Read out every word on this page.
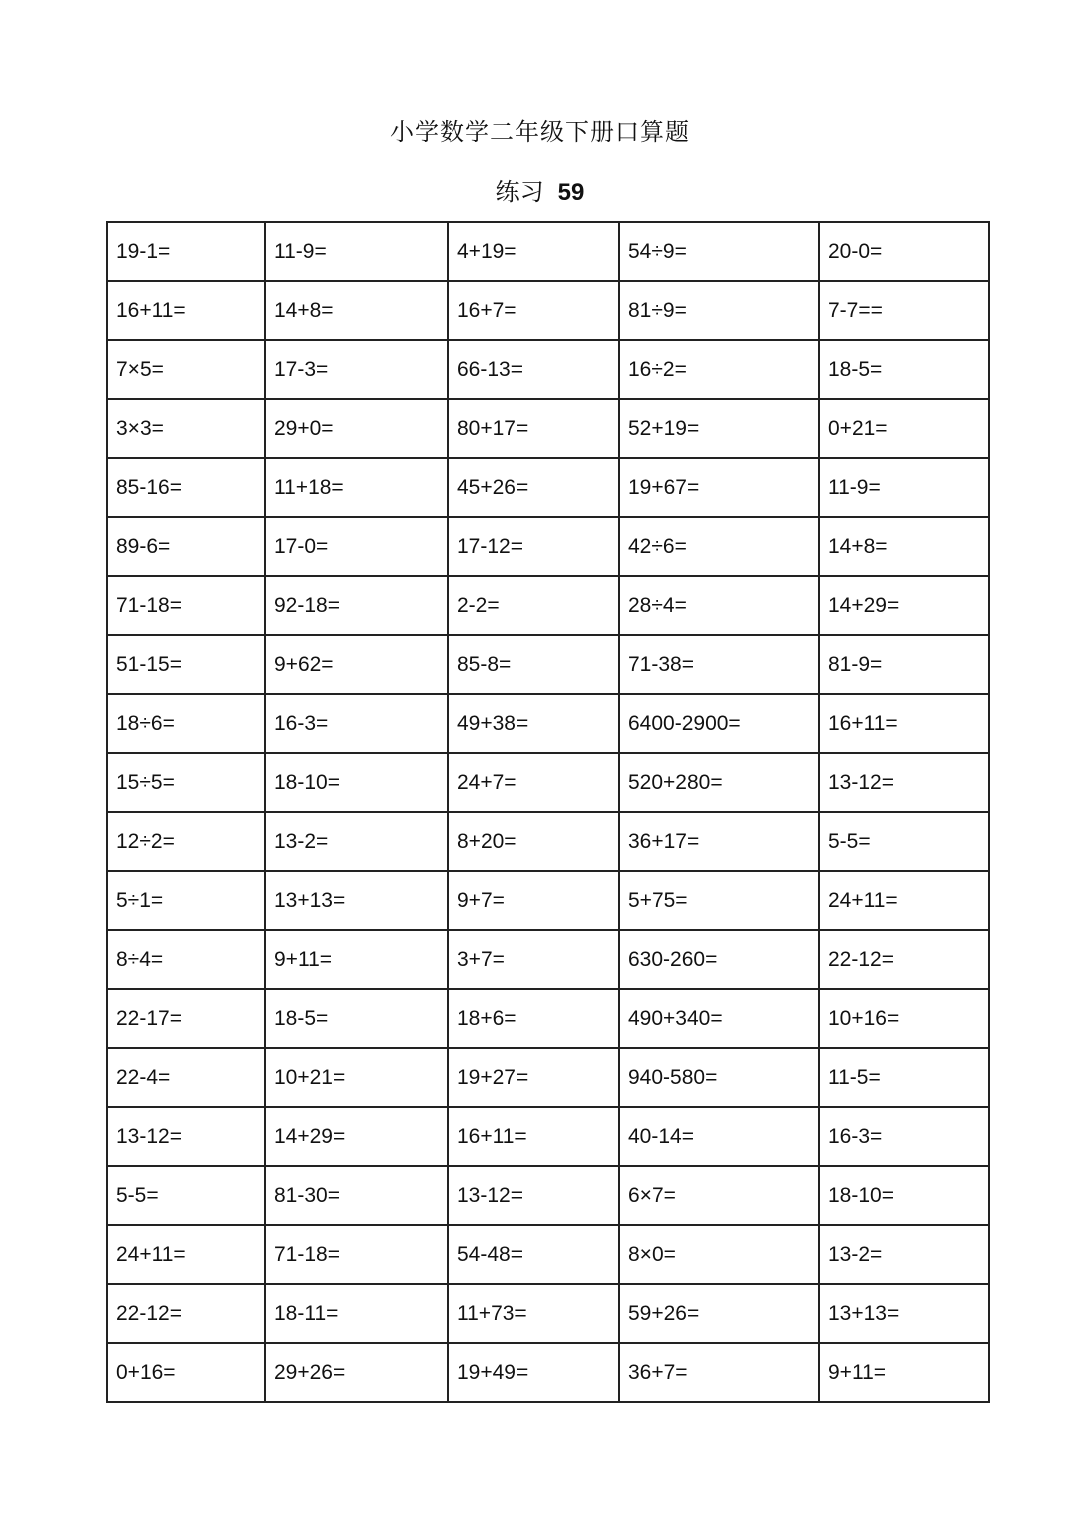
小学数学二年级下册口算题
练习 59
19-1=	11-9=	4+19=	54÷9=	20-0=
16+11=	14+8=	16+7=	81÷9=	7-7==
7×5=	17-3=	66-13=	16÷2=	18-5=
3×3=	29+0=	80+17=	52+19=	0+21=
85-16=	11+18=	45+26=	19+67=	11-9=
89-6=	17-0=	17-12=	42÷6=	14+8=
71-18=	92-18=	2-2=	28÷4=	14+29=
51-15=	9+62=	85-8=	71-38=	81-9=
18÷6=	16-3=	49+38=	6400-2900=	16+11=
15÷5=	18-10=	24+7=	520+280=	13-12=
12÷2=	13-2=	8+20=	36+17=	5-5=
5÷1=	13+13=	9+7=	5+75=	24+11=
8÷4=	9+11=	3+7=	630-260=	22-12=
22-17=	18-5=	18+6=	490+340=	10+16=
22-4=	10+21=	19+27=	940-580=	11-5=
13-12=	14+29=	16+11=	40-14=	16-3=
5-5=	81-30=	13-12=	6×7=	18-10=
24+11=	71-18=	54-48=	8×0=	13-2=
22-12=	18-11=	11+73=	59+26=	13+13=
0+16=	29+26=	19+49=	36+7=	9+11=
